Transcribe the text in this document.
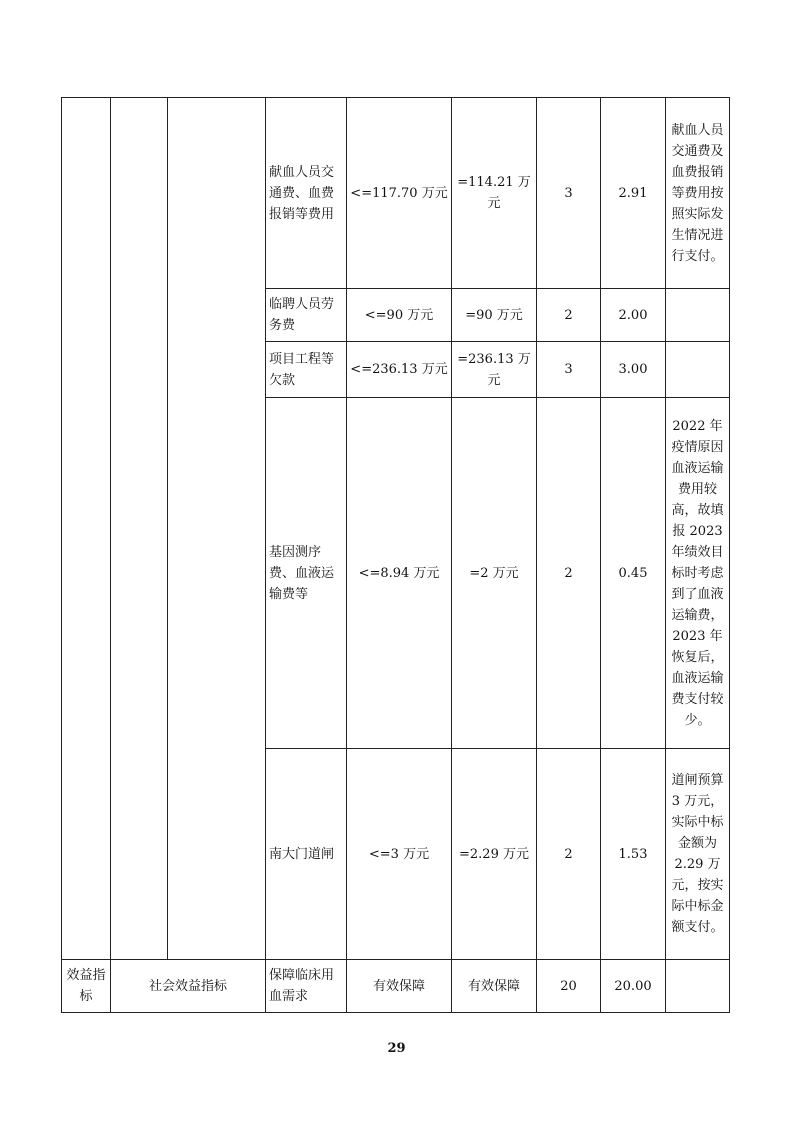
			献血人员交通费、血费报销等费用	<=117.70 万元	=114.21 万元	3	2.91	献血人员交通费及血费报销等费用按照实际发生情况进行支付。
			临聘人员劳务费	<=90 万元	=90 万元	2	2.00	
			项目工程等欠款	<=236.13 万元	=236.13 万元	3	3.00	
			基因测序费、血液运输费等	<=8.94 万元	=2 万元	2	0.45	2022 年疫情原因血液运输费用较高，故填报 2023 年绩效目标时考虑到了血液运输费，2023 年恢复后，血液运输费支付较少。
			南大门道闸	<=3 万元	=2.29 万元	2	1.53	道闸预算 3 万元，实际中标金额为 2.29 万元，按实际中标金额支付。
效益指标	社会效益指标		保障临床用血需求	有效保障	有效保障	20	20.00	
29
